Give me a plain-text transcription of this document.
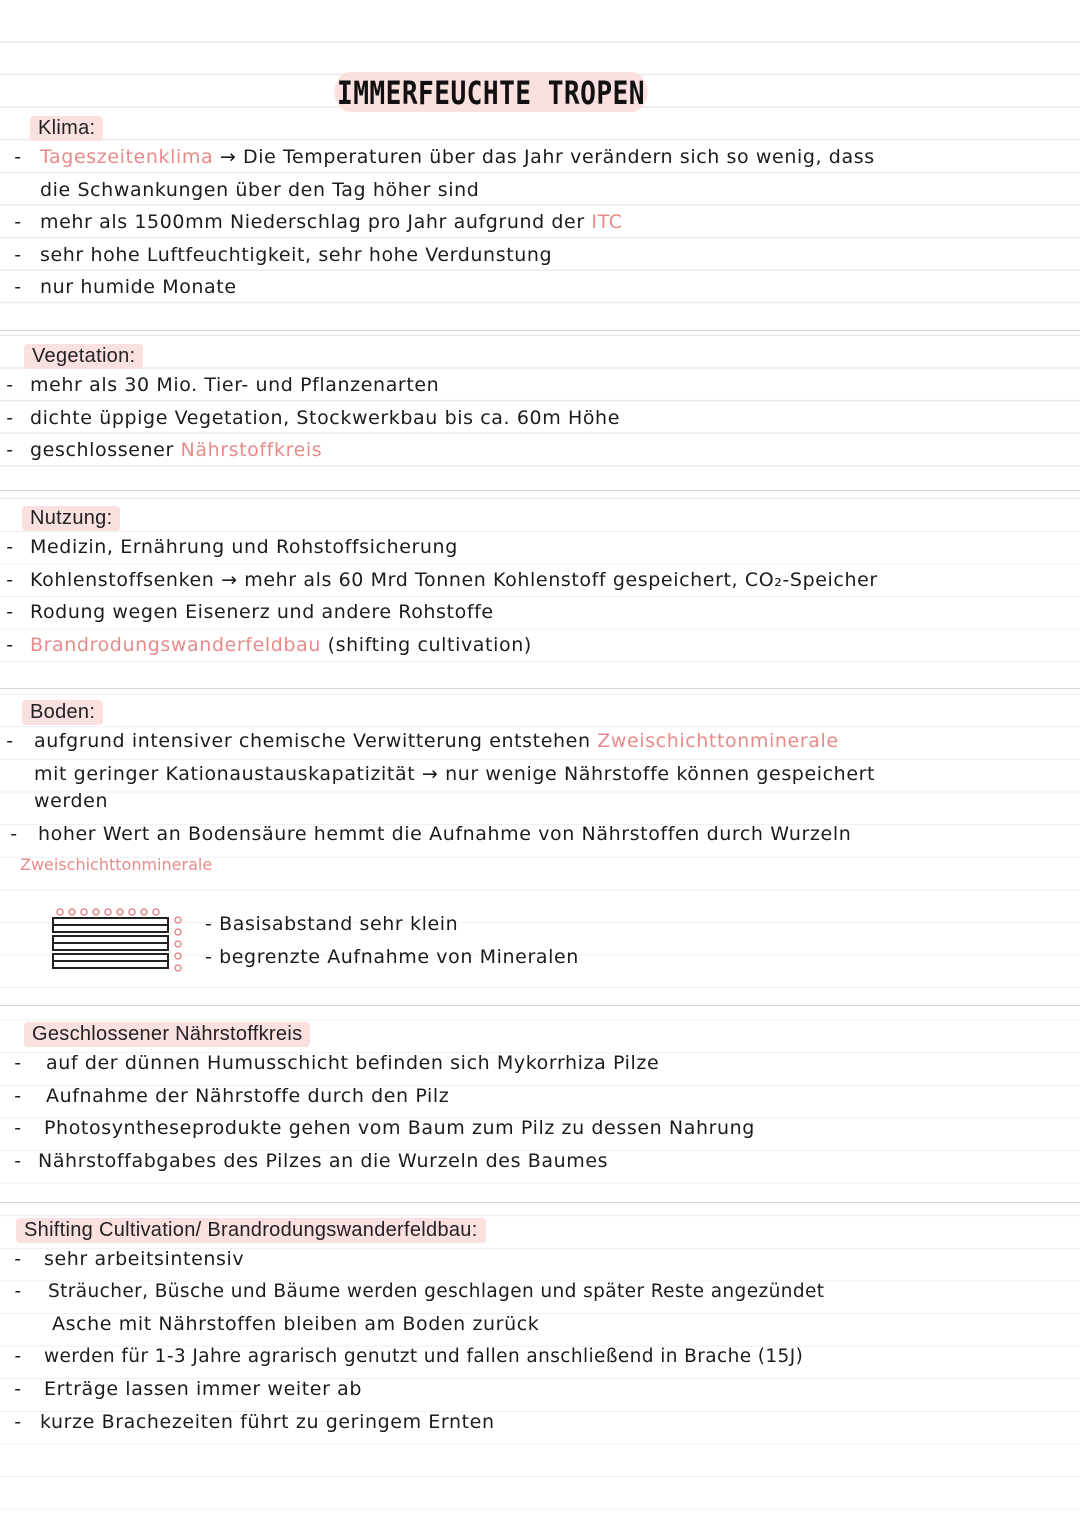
IMMERFEUCHTE TROPEN
Klima:
- Tageszeitenklima → Die Temperaturen über das Jahr verändern sich so wenig, dass
die Schwankungen über den Tag höher sind
- mehr als 1500mm Niederschlag pro Jahr aufgrund der ITC
- sehr hohe Luftfeuchtigkeit, sehr hohe Verdunstung
- nur humide Monate
Vegetation:
- mehr als 30 Mio. Tier- und Pflanzenarten
- dichte üppige Vegetation, Stockwerkbau bis ca. 60m Höhe
- geschlossener Nährstoffkreis
Nutzung:
- Medizin, Ernährung und Rohstoffsicherung
- Kohlenstoffsenken → mehr als 60 Mrd Tonnen Kohlenstoff gespeichert, CO₂-Speicher
- Rodung wegen Eisenerz und andere Rohstoffe
- Brandrodungswanderfeldbau (shifting cultivation)
Boden:
-	aufgrund intensiver chemische Verwitterung entstehen Zweischichttonminerale
mit geringer Kationaustauskapatizität → nur wenige Nährstoffe können gespeichert
werden
-	hoher Wert an Bodensäure hemmt die Aufnahme von Nährstoffen durch Wurzeln
Zweischichttonminerale
- Basisabstand sehr klein
- begrenzte Aufnahme von Mineralen
Geschlossener Nährstoffkreis
-	auf der dünnen Humusschicht befinden sich Mykorrhiza Pilze
-	Aufnahme der Nährstoffe durch den Pilz
-	Photosyntheseprodukte gehen vom Baum zum Pilz zu dessen Nahrung
- Nährstoffabgabes des Pilzes an die Wurzeln des Baumes
Shifting Cultivation/ Brandrodungswanderfeldbau:
-	sehr arbeitsintensiv
-	Sträucher, Büsche und Bäume werden geschlagen und später Reste angezündet
Asche mit Nährstoffen bleiben am Boden zurück
-	werden für 1-3 Jahre agrarisch genutzt und fallen anschließend in Brache (15J)
-	Erträge lassen immer weiter ab
- kurze Brachezeiten führt zu geringem Ernten
